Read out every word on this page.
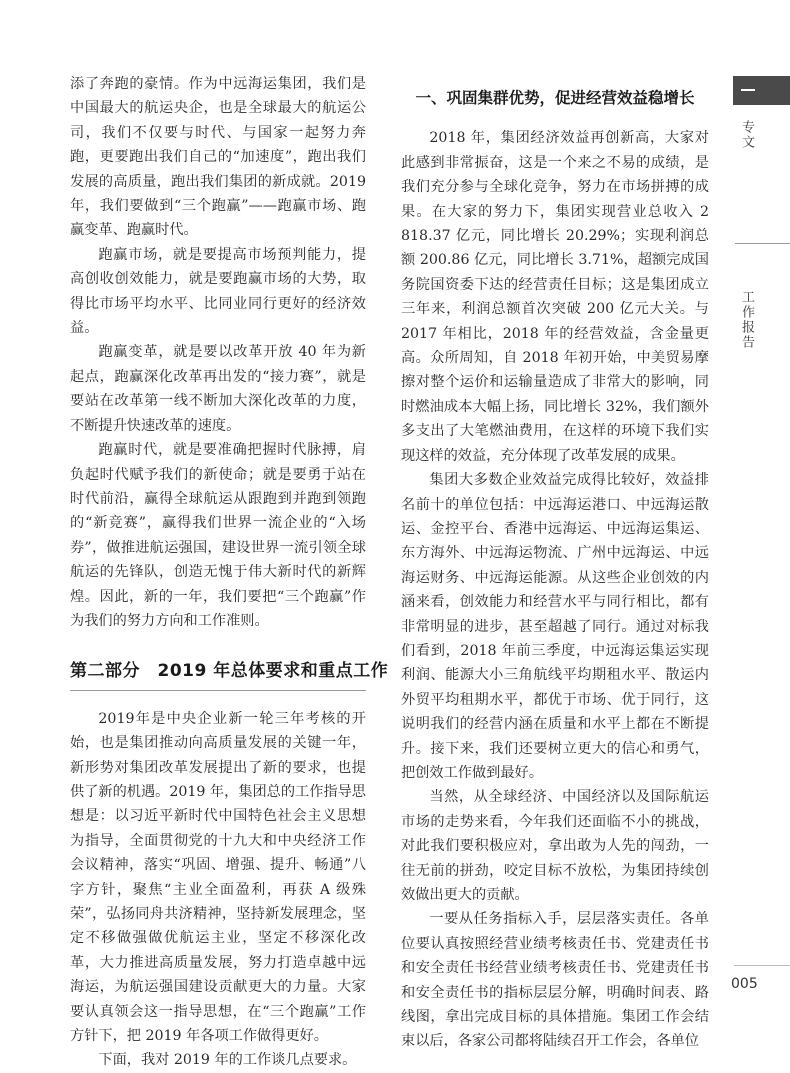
添了奔跑的豪情。作为中远海运集团，我们是中国最大的航运央企，也是全球最大的航运公司，我们不仅要与时代、与国家一起努力奔跑，更要跑出我们自己的“加速度”，跑出我们发展的高质量，跑出我们集团的新成就。2019 年，我们要做到“三个跑赢”——跑赢市场、跑赢变革、跑赢时代。

跑赢市场，就是要提高市场预判能力，提高创收创效能力，就是要跑赢市场的大势，取得比市场平均水平、比同业同行更好的经济效益。

跑赢变革，就是要以改革开放 40 年为新起点，跑赢深化改革再出发的“接力赛”，就是要站在改革第一线不断加大深化改革的力度，不断提升快速改革的速度。

跑赢时代，就是要准确把握时代脉搏，肩负起时代赋予我们的新使命；就是要勇于站在时代前沿，赢得全球航运从跟跑到并跑到领跑的“新竞赛”，赢得我们世界一流企业的“入场券”，做推进航运强国，建设世界一流引领全球航运的先锋队，创造无愧于伟大新时代的新辉煌。因此，新的一年，我们要把“三个跑赢”作为我们的努力方向和工作准则。

第二部分　2019 年总体要求和重点工作

2019年是中央企业新一轮三年考核的开始，也是集团推动向高质量发展的关键一年，新形势对集团改革发展提出了新的要求，也提供了新的机遇。2019 年，集团总的工作指导思想是：以习近平新时代中国特色社会主义思想为指导，全面贯彻党的十九大和中央经济工作会议精神，落实“巩固、增强、提升、畅通”八字方针，聚焦“主业全面盈利，再获 A 级殊荣”，弘扬同舟共济精神，坚持新发展理念，坚定不移做强做优航运主业，坚定不移深化改革，大力推进高质量发展，努力打造卓越中远海运，为航运强国建设贡献更大的力量。大家要认真领会这一指导思想，在“三个跑赢”工作方针下，把 2019 年各项工作做得更好。

下面，我对 2019 年的工作谈几点要求。

一、巩固集群优势，促进经营效益稳增长

2018 年，集团经济效益再创新高，大家对此感到非常振奋，这是一个来之不易的成绩，是我们充分参与全球化竞争，努力在市场拼搏的成果。在大家的努力下，集团实现营业总收入 2 818.37 亿元，同比增长 20.29%；实现利润总额 200.86 亿元，同比增长 3.71%，超额完成国务院国资委下达的经营责任目标；这是集团成立三年来，利润总额首次突破 200 亿元大关。与 2017 年相比，2018 年的经营效益，含金量更高。众所周知，自 2018 年初开始，中美贸易摩擦对整个运价和运输量造成了非常大的影响，同时燃油成本大幅上扬，同比增长 32%，我们额外多支出了大笔燃油费用，在这样的环境下我们实现这样的效益，充分体现了改革发展的成果。

集团大多数企业效益完成得比较好，效益排名前十的单位包括：中远海运港口、中远海运散运、金控平台、香港中远海运、中远海运集运、东方海外、中远海运物流、广州中远海运、中远海运财务、中远海运能源。从这些企业创效的内涵来看，创效能力和经营水平与同行相比，都有非常明显的进步，甚至超越了同行。通过对标我们看到，2018 年前三季度，中远海运集运实现利润、能源大小三角航线平均期租水平、散运内外贸平均租期水平，都优于市场、优于同行，这说明我们的经营内涵在质量和水平上都在不断提升。接下来，我们还要树立更大的信心和勇气，把创效工作做到最好。

当然，从全球经济、中国经济以及国际航运市场的走势来看，今年我们还面临不小的挑战，对此我们要积极应对，拿出敢为人先的闯劲，一往无前的拼劲，咬定目标不放松，为集团持续创效做出更大的贡献。

一要从任务指标入手，层层落实责任。各单位要认真按照经营业绩考核责任书、党建责任书和安全责任书经营业绩考核责任书、党建责任书和安全责任书的指标层层分解，明确时间表、路线图，拿出完成目标的具体措施。集团工作会结束以后，各家公司都将陆续召开工作会，各单位

专文
工作报告
005
